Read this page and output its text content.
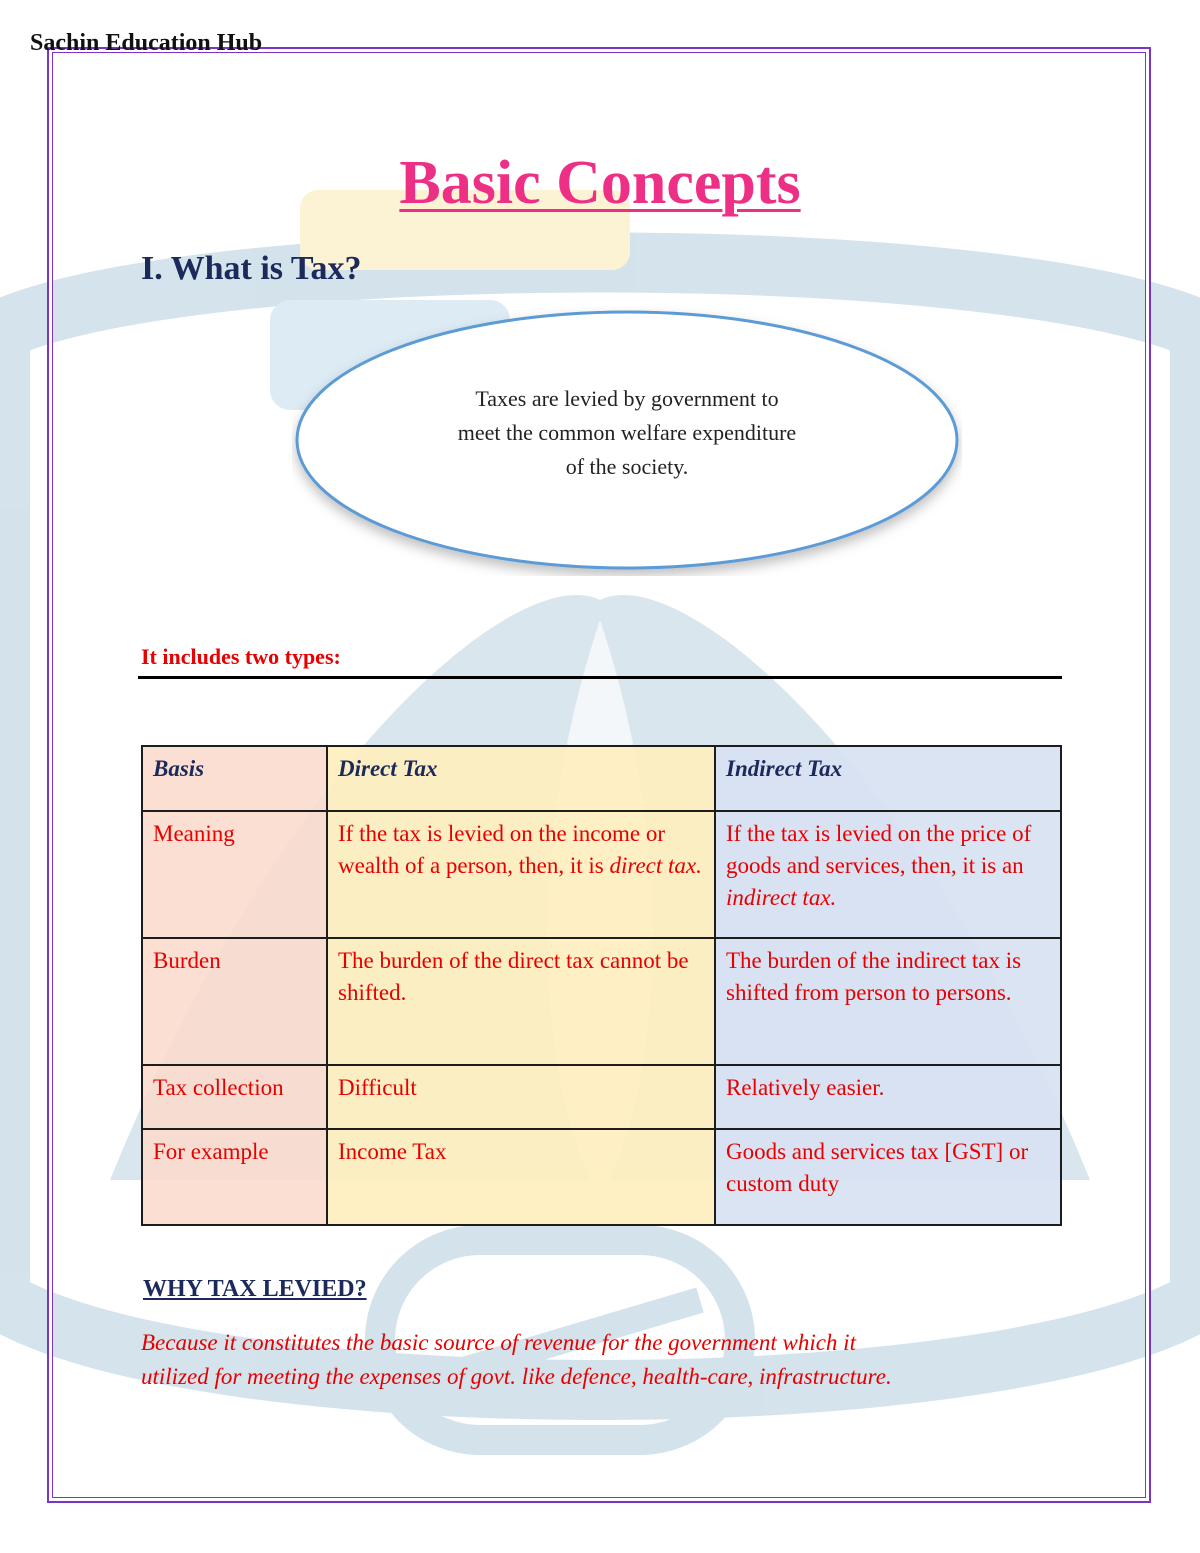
Sachin Education Hub
Basic Concepts
I. What is Tax?
Taxes are levied by government to
meet the common welfare expenditure
of the society.
It includes two types:
Basis	Direct Tax	Indirect Tax
Meaning	If the tax is levied on the income or wealth of a person, then, it is direct tax.	If the tax is levied on the price of goods and services, then, it is an indirect tax.
Burden	The burden of the direct tax cannot be shifted.	The burden of the indirect tax is shifted from person to persons.
Tax collection	Difficult	Relatively easier.
For example	Income Tax	Goods and services tax [GST] or custom duty
WHY TAX LEVIED?
Because it constitutes the basic source of revenue for the government which it
utilized for meeting the expenses of govt. like defence, health-care, infrastructure.
